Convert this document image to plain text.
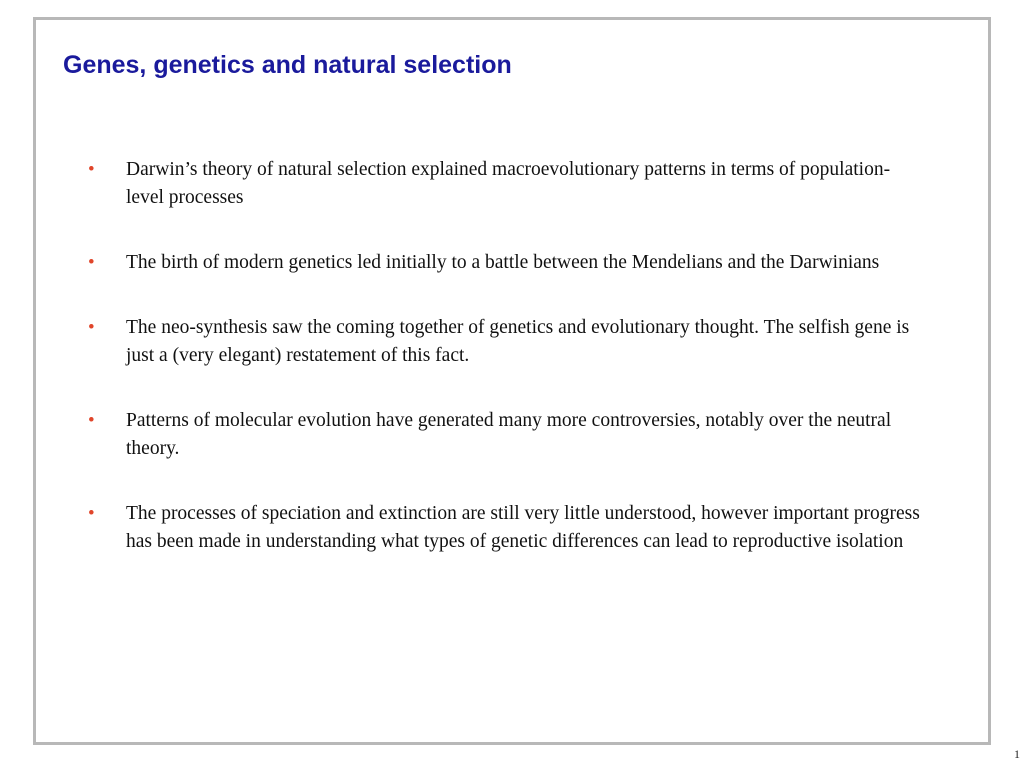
Genes, genetics and natural selection
• Darwin’s theory of natural selection explained macroevolutionary patterns in terms of population-level processes
• The birth of modern genetics led initially to a battle between the Mendelians and the Darwinians
• The neo-synthesis saw the coming together of genetics and evolutionary thought. The selfish gene is just a (very elegant) restatement of this fact.
• Patterns of molecular evolution have generated many more controversies, notably over the neutral theory.
• The processes of speciation and extinction are still very little understood, however important progress has been made in understanding what types of genetic differences can lead to reproductive isolation
1
